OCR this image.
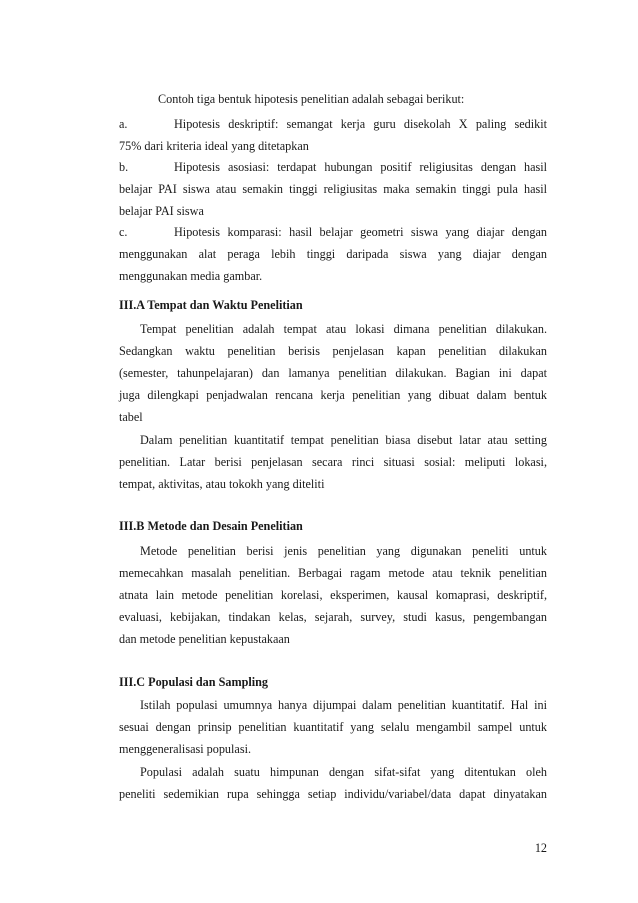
Contoh tiga bentuk hipotesis penelitian adalah sebagai berikut:
a.	Hipotesis deskriptif: semangat kerja guru disekolah X paling sedikit
75% dari kriteria ideal yang ditetapkan
b.	Hipotesis asosiasi: terdapat hubungan positif religiusitas dengan hasil
belajar PAI siswa atau semakin tinggi religiusitas maka semakin tinggi pula hasil
belajar PAI siswa
c.	Hipotesis komparasi: hasil belajar geometri siswa yang diajar dengan
menggunakan alat peraga lebih tinggi daripada siswa yang diajar dengan
menggunakan media gambar.
III.A Tempat dan Waktu Penelitian
Tempat penelitian adalah tempat atau lokasi dimana penelitian dilakukan.
Sedangkan waktu penelitian berisis penjelasan kapan penelitian dilakukan
(semester, tahunpelajaran) dan lamanya penelitian dilakukan. Bagian ini dapat
juga dilengkapi penjadwalan rencana kerja penelitian yang dibuat dalam bentuk
tabel
Dalam penelitian kuantitatif tempat penelitian biasa disebut latar atau setting
penelitian. Latar berisi penjelasan secara rinci situasi sosial: meliputi lokasi,
tempat, aktivitas, atau tokokh yang diteliti
III.B Metode dan Desain Penelitian
Metode penelitian berisi jenis penelitian yang digunakan peneliti untuk
memecahkan masalah penelitian. Berbagai ragam metode atau teknik penelitian
atnata lain metode penelitian korelasi, eksperimen, kausal komaprasi, deskriptif,
evaluasi, kebijakan, tindakan kelas, sejarah, survey, studi kasus, pengembangan
dan metode penelitian kepustakaan
III.C Populasi dan Sampling
Istilah populasi umumnya hanya dijumpai dalam penelitian kuantitatif. Hal ini
sesuai dengan prinsip penelitian kuantitatif yang selalu mengambil sampel untuk
menggeneralisasi populasi.
Populasi adalah suatu himpunan dengan sifat-sifat yang ditentukan oleh
peneliti sedemikian rupa sehingga setiap individu/variabel/data dapat dinyatakan
12
